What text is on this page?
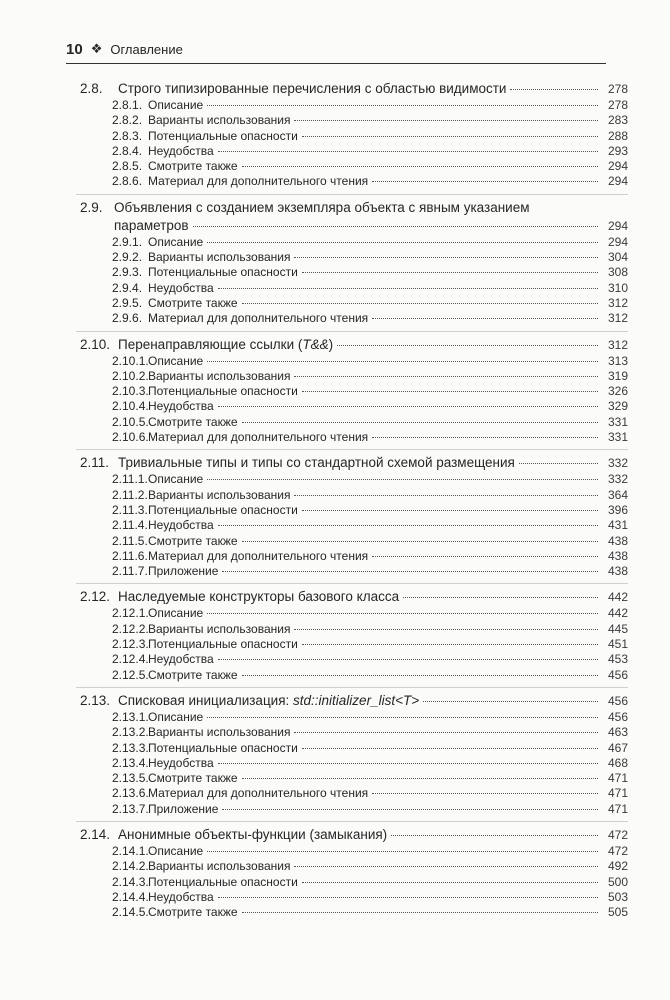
10 ❖ Оглавление
2.8.	Строго типизированные перечисления с областью видимости	278
2.8.1. Описание	278
2.8.2. Варианты использования	283
2.8.3. Потенциальные опасности	288
2.8.4. Неудобства	293
2.8.5. Смотрите также	294
2.8.6. Материал для дополнительного чтения	294
2.9. Объявления с созданием экземпляра объекта с явным указанием
параметров	294
2.9.1. Описание	294
2.9.2. Варианты использования	304
2.9.3. Потенциальные опасности	308
2.9.4. Неудобства	310
2.9.5. Смотрите также	312
2.9.6. Материал для дополнительного чтения	312
2.10. Перенаправляющие ссылки (T&&)	312
2.10.1. Описание	313
2.10.2. Варианты использования	319
2.10.3. Потенциальные опасности	326
2.10.4. Неудобства	329
2.10.5. Смотрите также	331
2.10.6. Материал для дополнительного чтения	331
2.11. Тривиальные типы и типы со стандартной схемой размещения	332
2.11.1. Описание	332
2.11.2. Варианты использования	364
2.11.3. Потенциальные опасности	396
2.11.4. Неудобства	431
2.11.5. Смотрите также	438
2.11.6. Материал для дополнительного чтения	438
2.11.7. Приложение	438
2.12. Наследуемые конструкторы базового класса	442
2.12.1. Описание	442
2.12.2. Варианты использования	445
2.12.3. Потенциальные опасности	451
2.12.4. Неудобства	453
2.12.5. Смотрите также	456
2.13. Списковая инициализация: std::initializer_list<T>	456
2.13.1. Описание	456
2.13.2. Варианты использования	463
2.13.3. Потенциальные опасности	467
2.13.4. Неудобства	468
2.13.5. Смотрите также	471
2.13.6. Материал для дополнительного чтения	471
2.13.7. Приложение	471
2.14. Анонимные объекты-функции (замыкания)	472
2.14.1. Описание	472
2.14.2. Варианты использования	492
2.14.3. Потенциальные опасности	500
2.14.4. Неудобства	503
2.14.5. Смотрите также	505
